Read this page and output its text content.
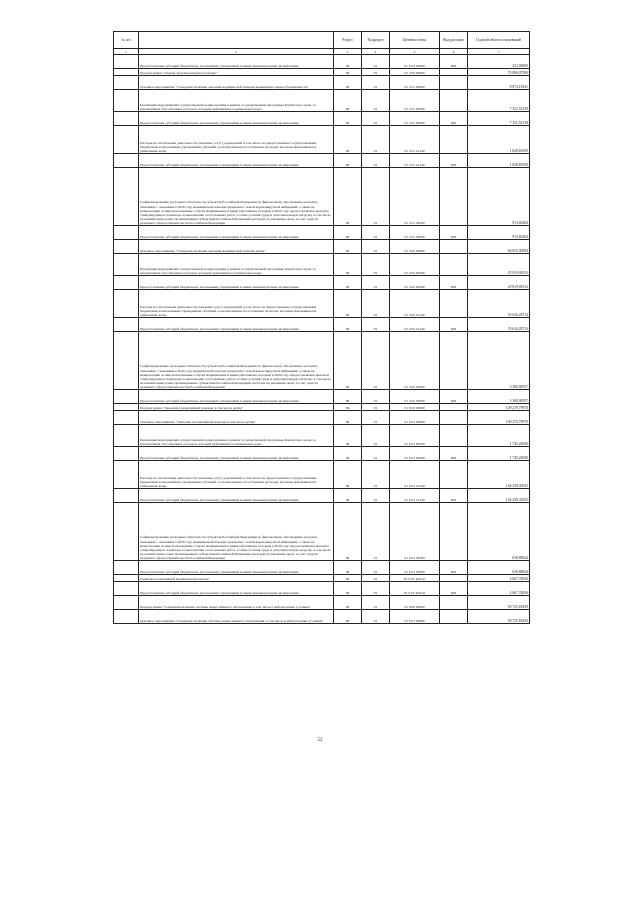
№ п/п		Раздел	Подраздел	Целевая статья	Вид расходов	Годовой объем ассигнований
1	2	3	4	5	6	7
	Предоставление субсидий бюджетным, автономным учреждениям и иным некоммерческим организациям	09	01	01 3 Е3 09590	600	432,00000
	Подпрограмма "Охрана здоровья матери и ребенка"	09	01	01 4 00 00000		74 096,07500
	Основное мероприятие "Совершенствование оказания медицинской помощи женщинам в период беременности"	09	01	01 4 01 00000		8 874,18341
	Реализация мероприятий государственной подпрограммы в рамках государственной программы Камчатского края, за исключением обособленных расходов, которым присваиваются уникальные коды	09	01	01 4 01 09590		7 331,52318
	Предоставление субсидий бюджетным, автономным учреждениям и иным некоммерческим организациям	09	01	01 4 01 09590	600	7 331,52318
	Расходы на обеспечение деятельности (оказание услуг) учреждений, в том числе на предоставление государственным бюджетным и автономным учреждениям субсидий, за исключением обособленных расходов, которым присваиваются уникальные коды	09	01	01 4 01 10140		1 628,81659
	Предоставление субсидий бюджетным, автономным учреждениям и иным некоммерческим организациям	09	01	01 4 01 10140	600	1 628,81659
	Софинансирование расходных обязательств субъектов Российской Федерации по финансовому обеспечению расходов, связанных с оказанием в 2020 году медицинской помощи гражданам с новой коронавирусной инфекцией, а также на компенсацию за неиспользованные отпуска медицинским и иным работникам, которым в 2020 году предоставлялись выплаты стимулирующего характера за выполнение особо важных работ, особые условия труда и дополнительную нагрузку, в том числе на компенсацию ранее произведенных субъектами Российской Федерации расходов на указанные цели, за счет средств резервного фонда Правительства Российской Федерации	09	01	01 4 01 58560		913,84364
	Предоставление субсидий бюджетным, автономным учреждениям и иным некоммерческим организациям	09	01	01 4 01 58560	600	913,84364
	Основное мероприятие "Совершенствование оказания медицинской помощи детям"	09	01	01 4 02 00000		64 815,30584
	Реализация мероприятий государственной подпрограммы в рамках государственной программы Камчатского края, за исключением обособленных расходов, которым присваиваются уникальные коды	09	01	01 4 02 09590		25 819,00313
	Предоставление субсидий бюджетным, автономным учреждениям и иным некоммерческим организациям	09	01	01 4 02 09590	600	25 819,00313
	Расходы на обеспечение деятельности (оказание услуг) учреждений, в том числе на предоставление государственным бюджетным и автономным учреждениям субсидий, за исключением обособленных расходов, которым присваиваются уникальные коды	09	01	01 4 02 10140		35 616,28714
	Предоставление субсидий бюджетным, автономным учреждениям и иным некоммерческим организациям	09	01	01 4 02 10140	600	35 616,28714
	Софинансирование расходных обязательств субъектов Российской Федерации по финансовому обеспечению расходов, связанных с оказанием в 2020 году медицинской помощи гражданам с новой коронавирусной инфекцией, а также на компенсацию за неиспользованные отпуска медицинским и иным работникам, которым в 2020 году предоставлялись выплаты стимулирующего характера за выполнение особо важных работ, особые условия труда и дополнительную нагрузку, в том числе на компенсацию ранее произведенных субъектами Российской Федерации расходов на указанные цели, за счет средств резервного фонда Правительства Российской Федерации	09	01	01 4 02 58560		3 380,00557
	Предоставление субсидий бюджетным, автономным учреждениям и иным некоммерческим организациям	09	01	01 4 02 58560	600	3 380,00557
	Подпрограмма "Оказание паллиативной помощи, в том числе детям"	09	01	01 6 00 00000		149 270,79970
	Основное мероприятие "Оказание паллиативной помощи, в том числе детям"	09	01	01 6 01 00000		149 270,79970
	Реализация мероприятий государственной подпрограммы в рамках государственной программы Камчатского края, за исключением обособленных расходов, которым присваиваются уникальные коды	09	01	01 6 01 09590		1 745,26920
	Предоставление субсидий бюджетным, автономным учреждениям и иным некоммерческим организациям	09	01	01 6 01 09590	600	1 745,26920
	Расходы на обеспечение деятельности (оказание услуг) учреждений, в том числе на предоставление государственным бюджетным и автономным учреждениям субсидий, за исключением обособленных расходов, которым присваиваются уникальные коды	09	01	01 6 01 10140		144 239,30525
	Предоставление субсидий бюджетным, автономным учреждениям и иным некоммерческим организациям	09	01	01 6 01 10140	600	144 239,30525
	Софинансирование расходных обязательств субъектов Российской Федерации по финансовому обеспечению расходов, связанных с оказанием в 2020 году медицинской помощи гражданам с новой коронавирусной инфекцией, а также на компенсацию за неиспользованные отпуска медицинским и иным работникам, которым в 2020 году предоставлялись выплаты стимулирующего характера за выполнение особо важных работ, особые условия труда и дополнительную нагрузку, в том числе на компенсацию ранее произведенных субъектами Российской Федерации расходов на указанные цели, за счет средств резервного фонда Правительства Российской Федерации	09	01	01 6 01 58560		618,88624
	Предоставление субсидий бюджетным, автономным учреждениям и иным некоммерческим организациям	09	01	01 6 01 58560	600	618,88624
	Развитие паллиативной медицинской помощи	09	01	01 6 01 R2010		2 667,33836
	Предоставление субсидий бюджетным, автономным учреждениям и иным некоммерческим организациям	09	01	01 6 01 R2010	600	2 667,33836
	Подпрограмма "Совершенствование системы лекарственного обеспечения, в том числе в амбулаторных условиях"	09	01	01 8 00 00000		50 725,83459
	Основное мероприятие "Совершенствование системы лекарственного обеспечения, в том числе в амбулаторных условиях"	09	01	01 8 01 00000		50 725,83459
52
